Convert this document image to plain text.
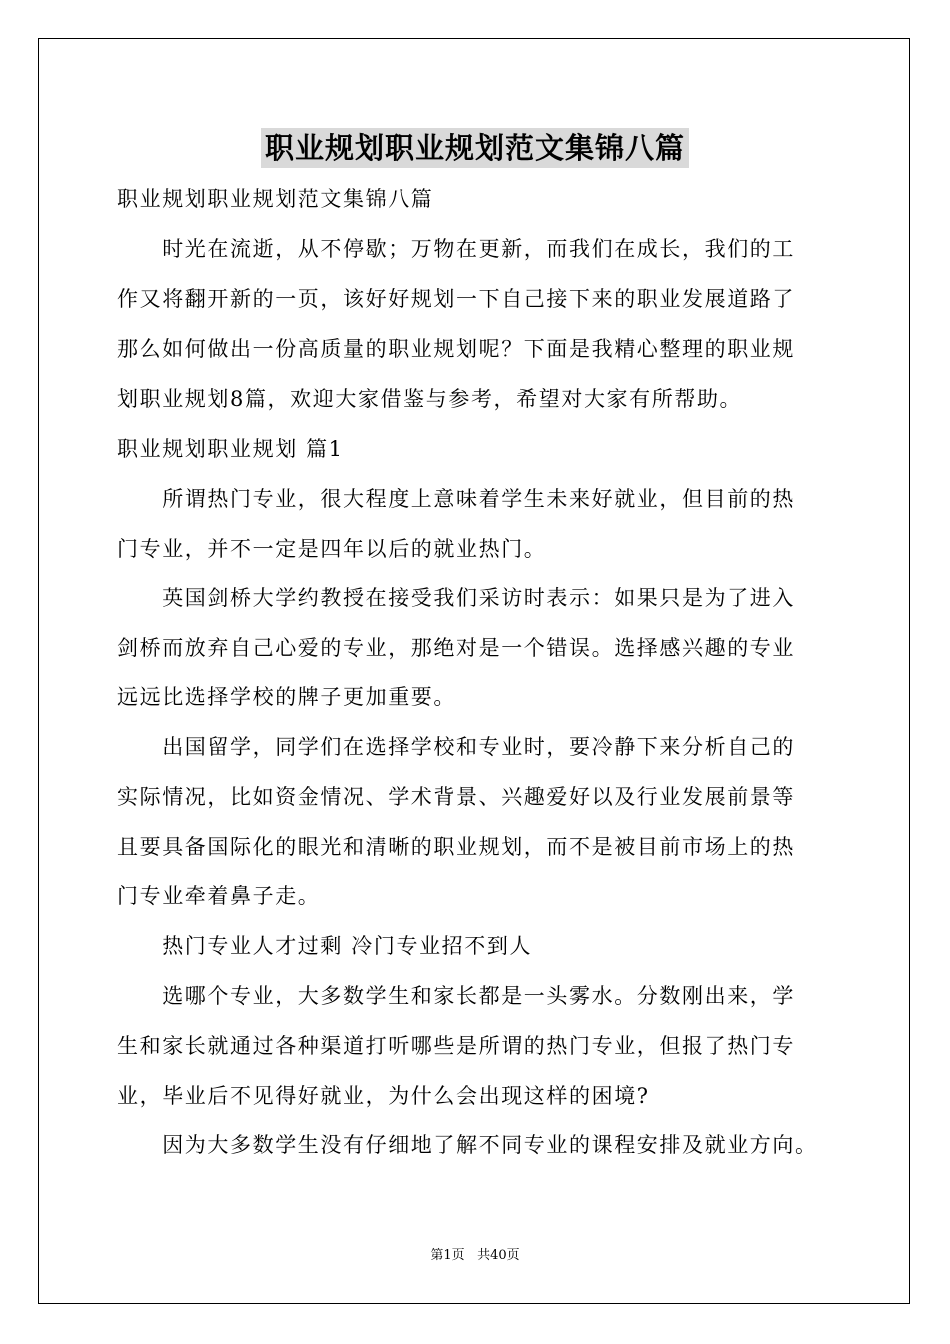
职业规划职业规划范文集锦八篇
职业规划职业规划范文集锦八篇
　　时光在流逝，从不停歇；万物在更新，而我们在成长，我们的工
作又将翻开新的一页，该好好规划一下自己接下来的职业发展道路了
那么如何做出一份高质量的职业规划呢？下面是我精心整理的职业规
划职业规划8篇，欢迎大家借鉴与参考，希望对大家有所帮助。
职业规划职业规划 篇1
　　所谓热门专业，很大程度上意味着学生未来好就业，但目前的热
门专业，并不一定是四年以后的就业热门。
　　英国剑桥大学约教授在接受我们采访时表示：如果只是为了进入
剑桥而放弃自己心爱的专业，那绝对是一个错误。选择感兴趣的专业
远远比选择学校的牌子更加重要。
　　出国留学，同学们在选择学校和专业时，要冷静下来分析自己的
实际情况，比如资金情况、学术背景、兴趣爱好以及行业发展前景等
且要具备国际化的眼光和清晰的职业规划，而不是被目前市场上的热
门专业牵着鼻子走。
　　热门专业人才过剩 冷门专业招不到人
　　选哪个专业，大多数学生和家长都是一头雾水。分数刚出来，学
生和家长就通过各种渠道打听哪些是所谓的热门专业，但报了热门专
业，毕业后不见得好就业，为什么会出现这样的困境?
　　因为大多数学生没有仔细地了解不同专业的课程安排及就业方向。
第1页 共40页
